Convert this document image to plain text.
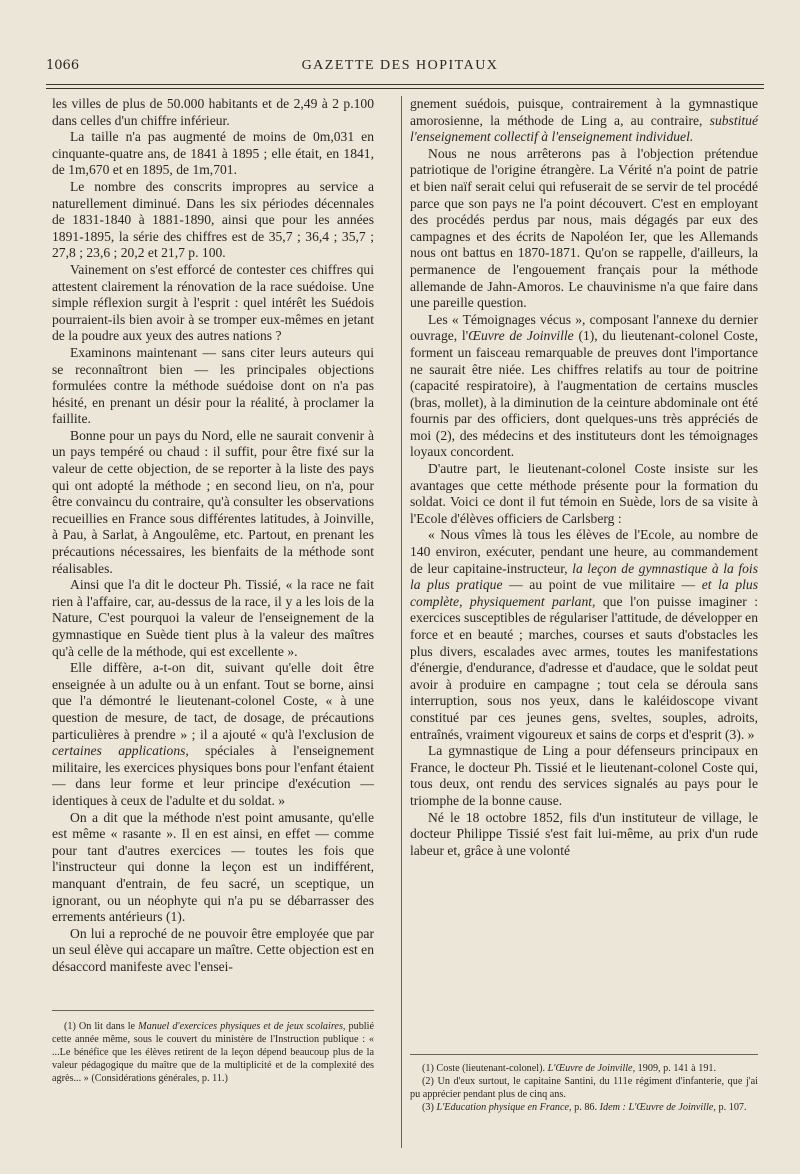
1066	GAZETTE DES HOPITAUX

les villes de plus de 50.000 habitants et de 2,49 à 2 p.100 dans celles d'un chiffre inférieur.

La taille n'a pas augmenté de moins de 0m,031 en cinquante-quatre ans, de 1841 à 1895 ; elle était, en 1841, de 1m,670 et en 1895, de 1m,701.

Le nombre des conscrits impropres au service a naturellement diminué. Dans les six périodes décennales de 1831-1840 à 1881-1890, ainsi que pour les années 1891-1895, la série des chiffres est de 35,7 ; 36,4 ; 35,7 ; 27,8 ; 23,6 ; 20,2 et 21,7 p. 100.

Vainement on s'est efforcé de contester ces chiffres qui attestent clairement la rénovation de la race suédoise. Une simple réflexion surgit à l'esprit : quel intérêt les Suédois pourraient-ils bien avoir à se tromper eux-mêmes en jetant de la poudre aux yeux des autres nations ?

Examinons maintenant — sans citer leurs auteurs qui se reconnaîtront bien — les principales objections formulées contre la méthode suédoise dont on n'a pas hésité, en prenant un désir pour la réalité, à proclamer la faillite.

Bonne pour un pays du Nord, elle ne saurait convenir à un pays tempéré ou chaud : il suffit, pour être fixé sur la valeur de cette objection, de se reporter à la liste des pays qui ont adopté la méthode ; en second lieu, on n'a, pour être convaincu du contraire, qu'à consulter les observations recueillies en France sous différentes latitudes, à Joinville, à Pau, à Sarlat, à Angoulême, etc. Partout, en prenant les précautions nécessaires, les bienfaits de la méthode sont réalisables.

Ainsi que l'a dit le docteur Ph. Tissié, « la race ne fait rien à l'affaire, car, au-dessus de la race, il y a les lois de la Nature, C'est pourquoi la valeur de l'enseignement de la gymnastique en Suède tient plus à la valeur des maîtres qu'à celle de la méthode, qui est excellente ».

Elle diffère, a-t-on dit, suivant qu'elle doit être enseignée à un adulte ou à un enfant. Tout se borne, ainsi que l'a démontré le lieutenant-colonel Coste, « à une question de mesure, de tact, de dosage, de précautions particulières à prendre » ; il a ajouté « qu'à l'exclusion de certaines applications, spéciales à l'enseignement militaire, les exercices physiques bons pour l'enfant étaient — dans leur forme et leur principe d'exécution — identiques à ceux de l'adulte et du soldat. »

On a dit que la méthode n'est point amusante, qu'elle est même « rasante ». Il en est ainsi, en effet — comme pour tant d'autres exercices — toutes les fois que l'instructeur qui donne la leçon est un indifférent, manquant d'entrain, de feu sacré, un sceptique, un ignorant, ou un néophyte qui n'a pu se débarrasser des errements antérieurs (1).

On lui a reproché de ne pouvoir être employée que par un seul élève qui accapare un maître. Cette objection est en désaccord manifeste avec l'ensei-

gnement suédois, puisque, contrairement à la gymnastique amorosienne, la méthode de Ling a, au contraire, substitué l'enseignement collectif à l'enseignement individuel.

Nous ne nous arrêterons pas à l'objection prétendue patriotique de l'origine étrangère. La Vérité n'a point de patrie et bien naïf serait celui qui refuserait de se servir de tel procédé parce que son pays ne l'a point découvert. C'est en employant des procédés perdus par nous, mais dégagés par eux des campagnes et des écrits de Napoléon Ier, que les Allemands nous ont battus en 1870-1871. Qu'on se rappelle, d'ailleurs, la permanence de l'engouement français pour la méthode allemande de Jahn-Amoros. Le chauvinisme n'a que faire dans une pareille question.

Les « Témoignages vécus », composant l'annexe du dernier ouvrage, l'Œuvre de Joinville (1), du lieutenant-colonel Coste, forment un faisceau remarquable de preuves dont l'importance ne saurait être niée. Les chiffres relatifs au tour de poitrine (capacité respiratoire), à l'augmentation de certains muscles (bras, mollet), à la diminution de la ceinture abdominale ont été fournis par des officiers, dont quelques-uns très appréciés de moi (2), des médecins et des instituteurs dont les témoignages loyaux concordent.

D'autre part, le lieutenant-colonel Coste insiste sur les avantages que cette méthode présente pour la formation du soldat. Voici ce dont il fut témoin en Suède, lors de sa visite à l'Ecole d'élèves officiers de Carlsberg :

« Nous vîmes là tous les élèves de l'Ecole, au nombre de 140 environ, exécuter, pendant une heure, au commandement de leur capitaine-instructeur, la leçon de gymnastique à la fois la plus pratique — au point de vue militaire — et la plus complète, physiquement parlant, que l'on puisse imaginer : exercices susceptibles de régulariser l'attitude, de développer en force et en beauté ; marches, courses et sauts d'obstacles les plus divers, escalades avec armes, toutes les manifestations d'énergie, d'endurance, d'adresse et d'audace, que le soldat peut avoir à produire en campagne ; tout cela se déroula sans interruption, sous nos yeux, dans le kaléidoscope vivant constitué par ces jeunes gens, sveltes, souples, adroits, entraînés, vraiment vigoureux et sains de corps et d'esprit (3). »

La gymnastique de Ling a pour défenseurs principaux en France, le docteur Ph. Tissié et le lieutenant-colonel Coste qui, tous deux, ont rendu des services signalés au pays pour le triomphe de la bonne cause.

Né le 18 octobre 1852, fils d'un instituteur de village, le docteur Philippe Tissié s'est fait lui-même, au prix d'un rude labeur et, grâce à une volonté

(1) On lit dans le Manuel d'exercices physiques et de jeux scolaires, publié cette année même, sous le couvert du ministère de l'Instruction publique : « ...Le bénéfice que les élèves retirent de la leçon dépend beaucoup plus de la valeur pédagogique du maître que de la multiplicité et de la complexité des agrès... » (Considérations générales, p. 11.)

(1) Coste (lieutenant-colonel). L'Œuvre de Joinville, 1909, p. 141 à 191.

(2) Un d'eux surtout, le capitaine Santini, du 111e régiment d'infanterie, que j'ai pu apprécier pendant plus de cinq ans.

(3) L'Education physique en France, p. 86. Idem : L'Œuvre de Joinville, p. 107.
